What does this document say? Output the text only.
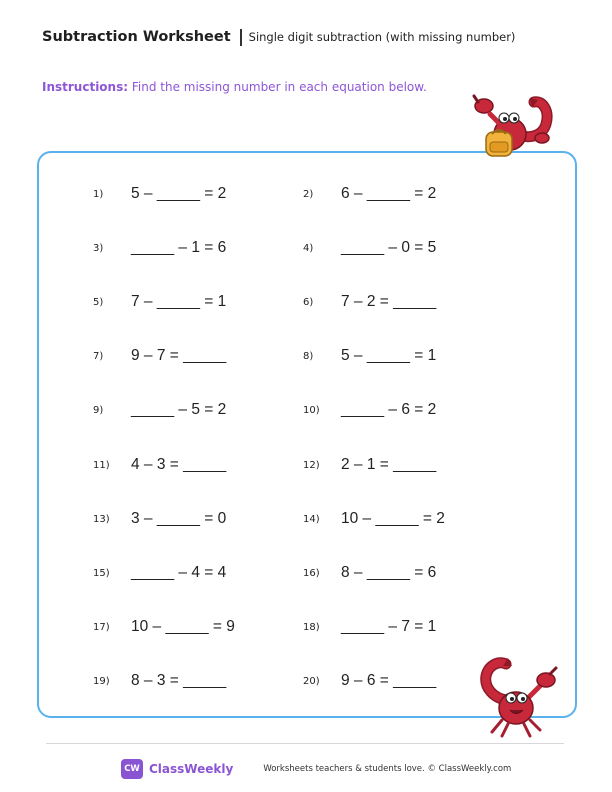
Subtraction Worksheet Single digit subtraction (with missing number)
Instructions: Find the missing number in each equation below.
1)	5 – _____ = 2	2)	6 – _____ = 2
3)	_____ – 1 = 6	4)	_____ – 0 = 5
5)	7 – _____ = 1	6)	7 – 2 = _____
7)	9 – 7 = _____	8)	5 – _____ = 1
9)	_____ – 5 = 2	10)	_____ – 6 = 2
11)	4 – 3 = _____	12)	2 – 1 = _____
13)	3 – _____ = 0	14)	10 – _____ = 2
15)	_____ – 4 = 4	16)	8 – _____ = 6
17)	10 – _____ = 9	18)	_____ – 7 = 1
19)	8 – 3 = _____	20)	9 – 6 = _____
CW ClassWeekly	Worksheets teachers & students love. © ClassWeekly.com
